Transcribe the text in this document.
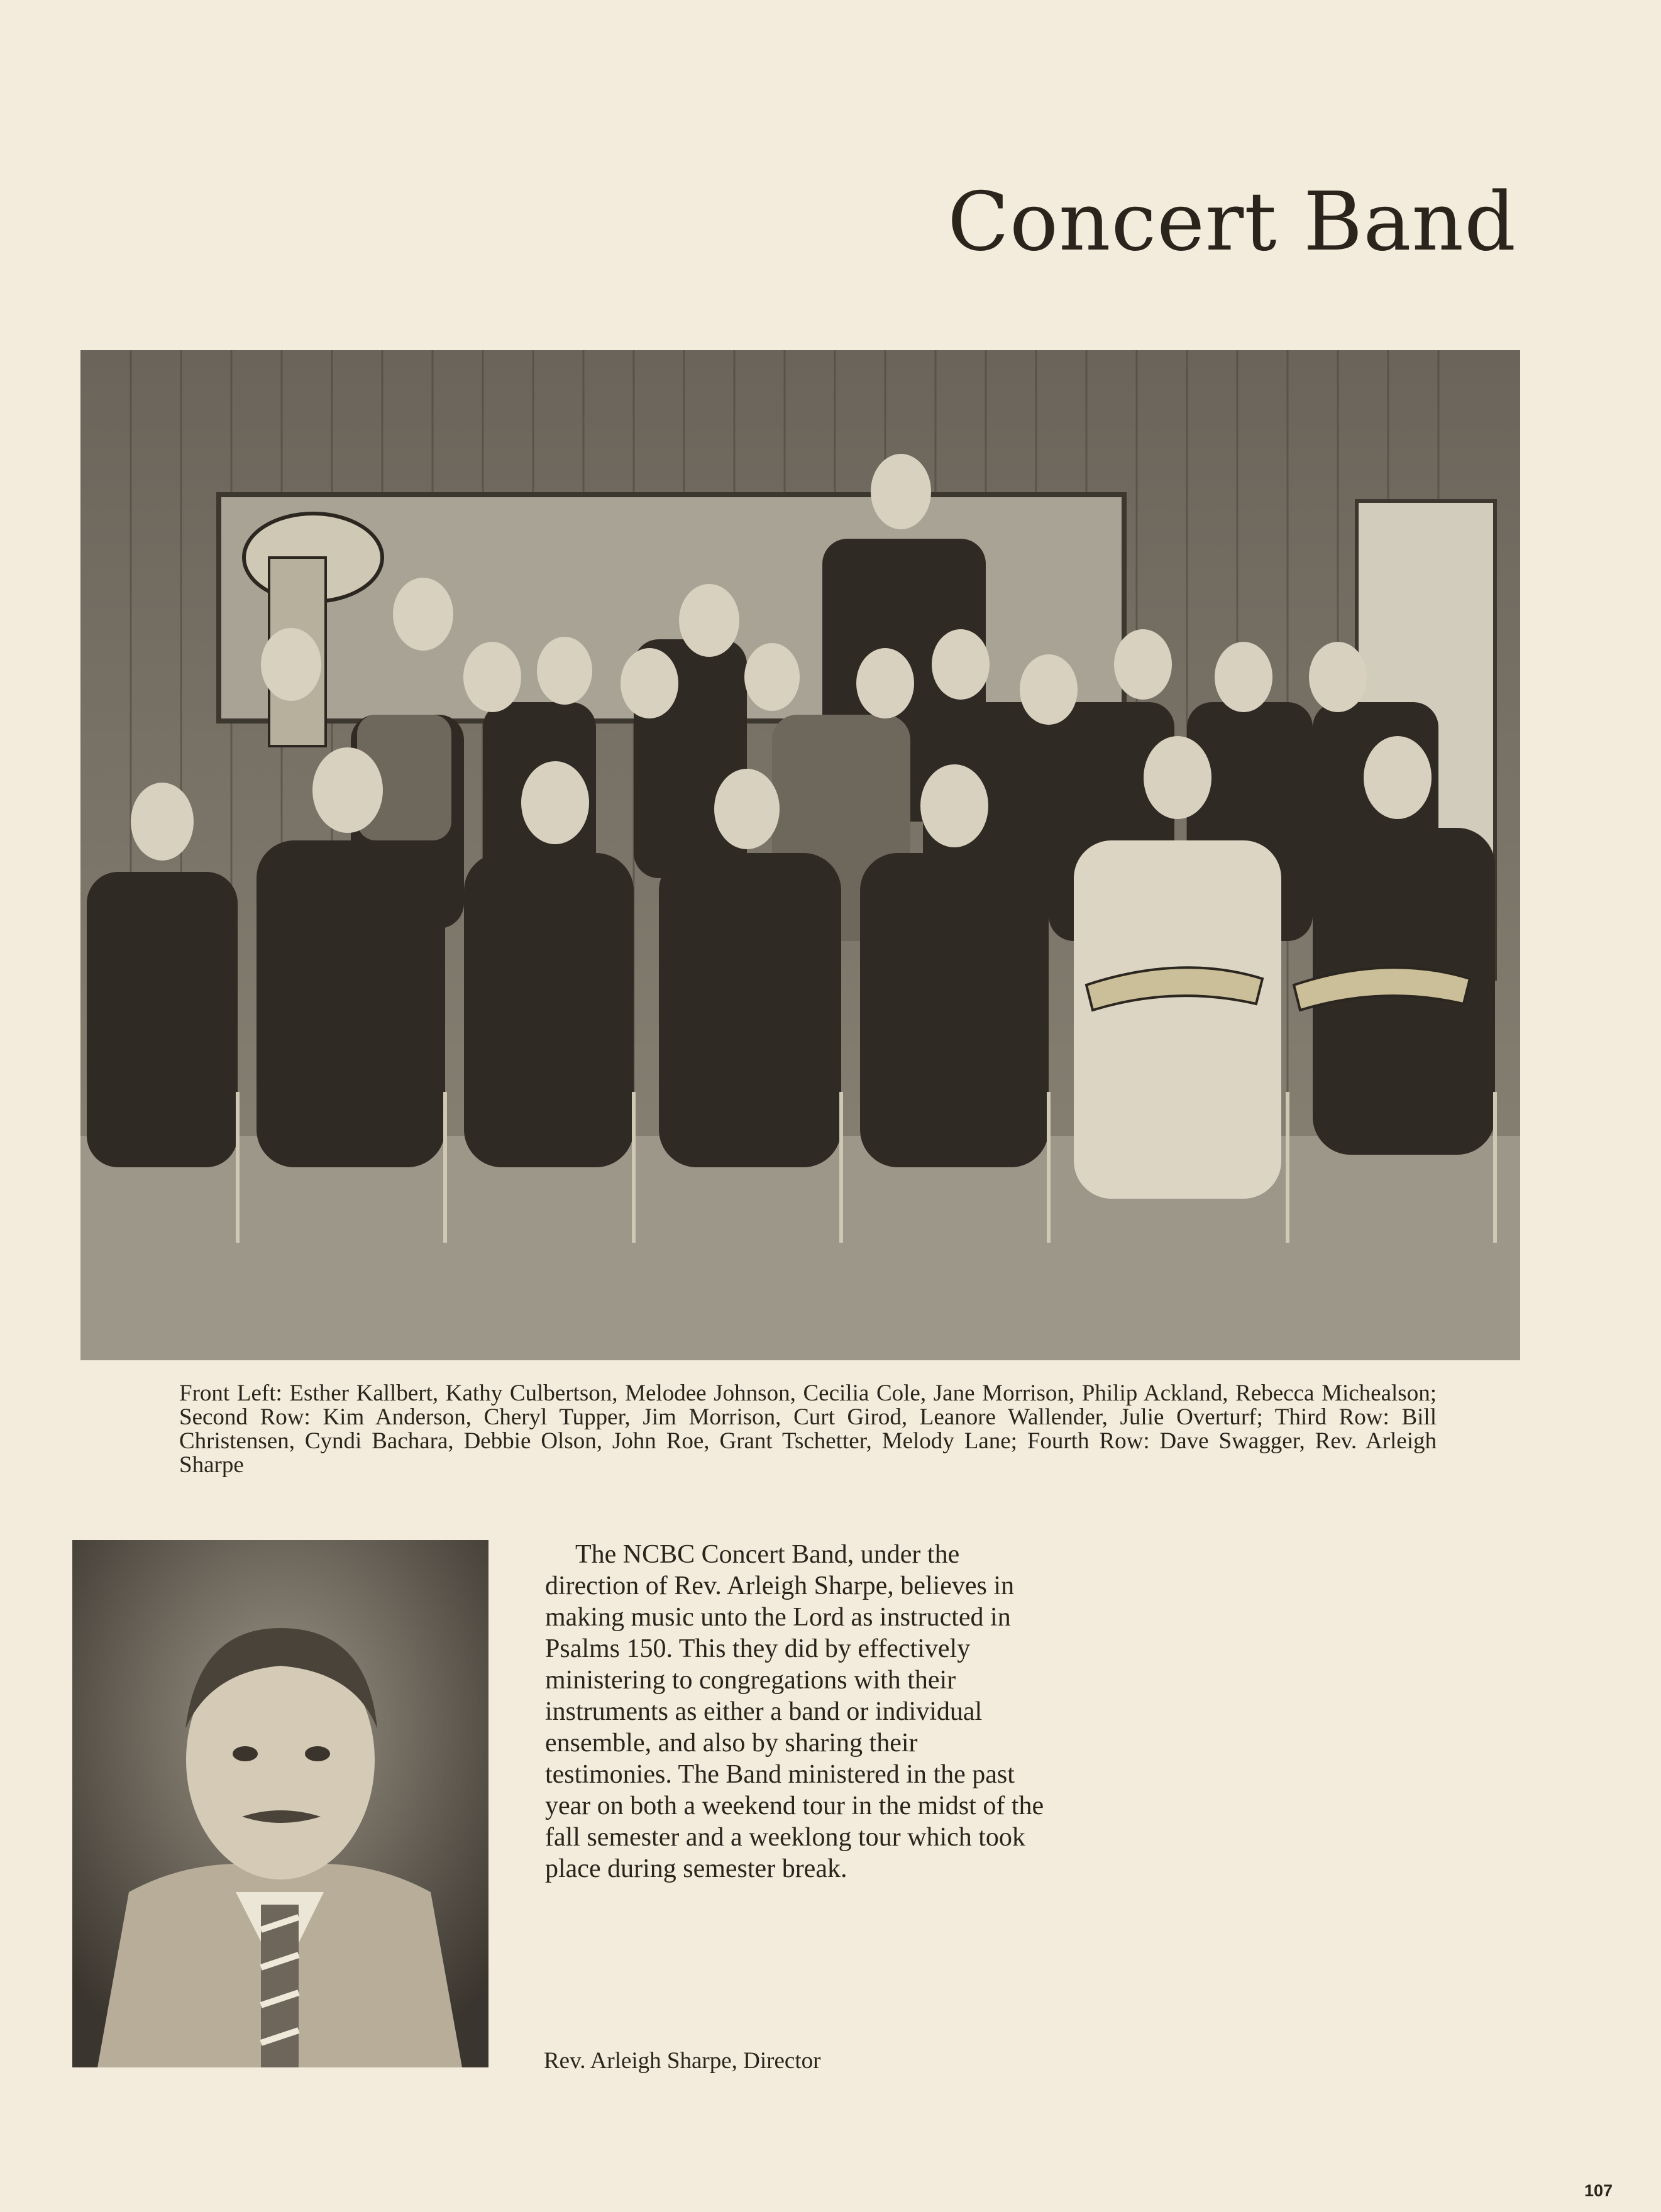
Concert Band
Front Left: Esther Kallbert, Kathy Culbertson, Melodee Johnson, Cecilia Cole, Jane Morrison, Philip Ackland, Rebecca Michealson; Second Row: Kim Anderson, Cheryl Tupper, Jim Morrison, Curt Girod, Leanore Wallender, Julie Overturf; Third Row: Bill Christensen, Cyndi Bachara, Debbie Olson, John Roe, Grant Tschetter, Melody Lane; Fourth Row: Dave Swagger, Rev. Arleigh Sharpe
The NCBC Concert Band, under the direction of Rev. Arleigh Sharpe, believes in making music unto the Lord as instructed in Psalms 150. This they did by effectively ministering to congregations with their instruments as either a band or individual ensemble, and also by sharing their testimonies. The Band ministered in the past year on both a weekend tour in the midst of the fall semester and a weeklong tour which took place during semester break.
Rev. Arleigh Sharpe, Director
107
